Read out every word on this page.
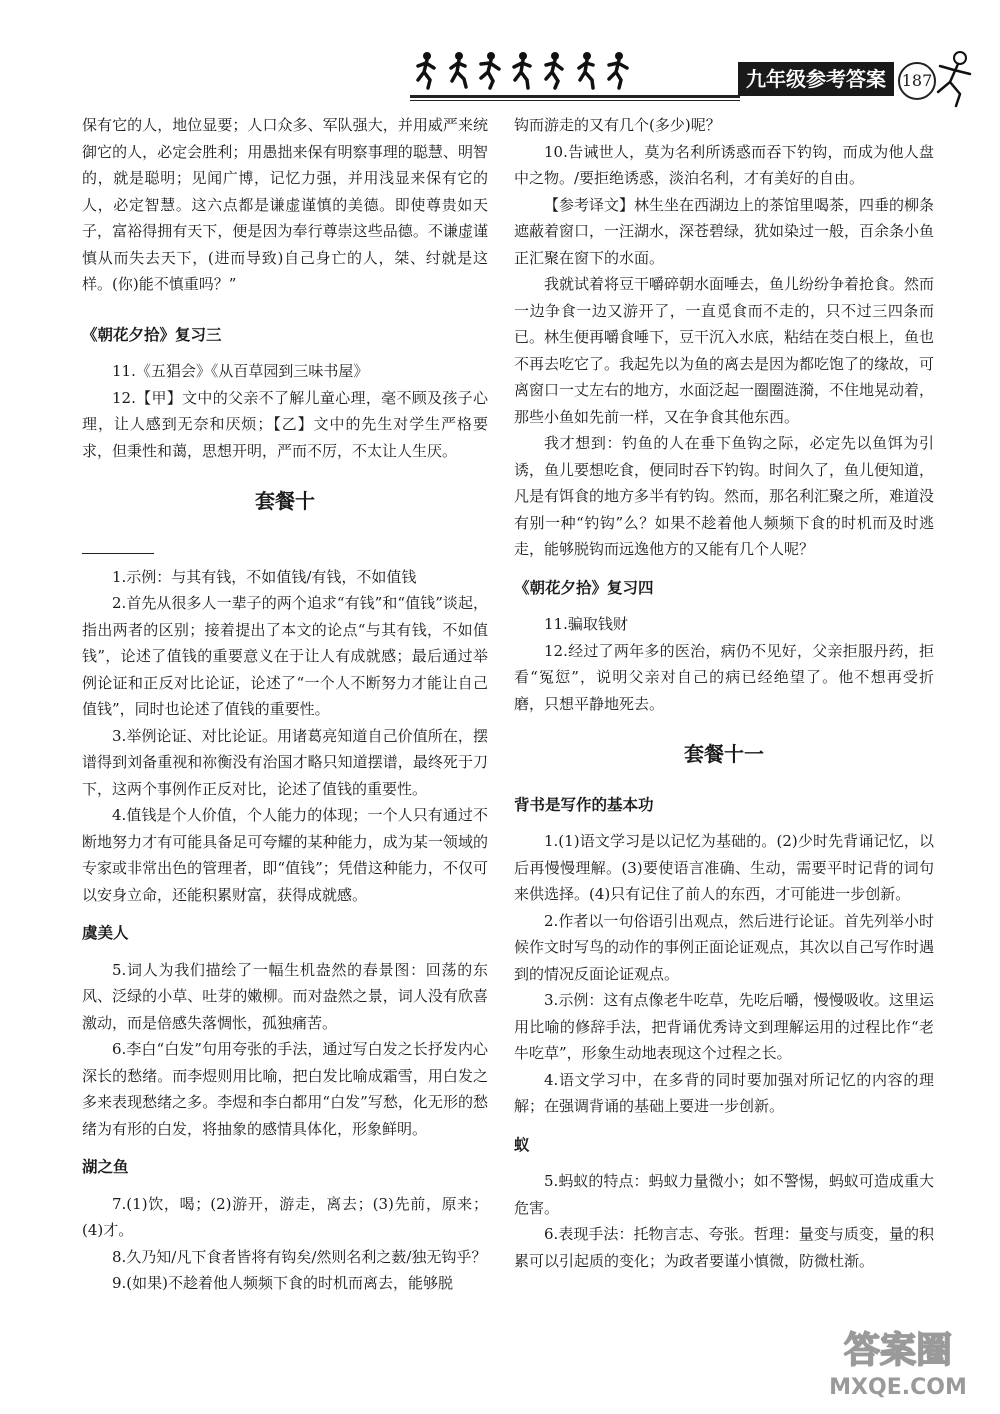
九年级参考答案 187

保有它的人，地位显要；人口众多、军队强大，并用威严来统御它的人，必定会胜利；用愚拙来保有明察事理的聪慧、明智的，就是聪明；见闻广博，记忆力强，并用浅显来保有它的人，必定智慧。这六点都是谦虚谨慎的美德。即使尊贵如天子，富裕得拥有天下，便是因为奉行尊崇这些品德。不谦虚谨慎从而失去天下，(进而导致)自己身亡的人，桀、纣就是这样。(你)能不慎重吗？”

《朝花夕拾》复习三

11.《五猖会》《从百草园到三味书屋》

12.【甲】文中的父亲不了解儿童心理，毫不顾及孩子心理，让人感到无奈和厌烦；【乙】文中的先生对学生严格要求，但秉性和蔼，思想开明，严而不厉，不太让人生厌。

套餐十

1.示例：与其有钱，不如值钱/有钱，不如值钱

2.首先从很多人一辈子的两个追求“有钱”和“值钱”谈起，指出两者的区别；接着提出了本文的论点“与其有钱，不如值钱”，论述了值钱的重要意义在于让人有成就感；最后通过举例论证和正反对比论证，论述了“一个人不断努力才能让自己值钱”，同时也论述了值钱的重要性。

3.举例论证、对比论证。用诸葛亮知道自己价值所在，摆谱得到刘备重视和祢衡没有治国才略只知道摆谱，最终死于刀下，这两个事例作正反对比，论述了值钱的重要性。

4.值钱是个人价值，个人能力的体现；一个人只有通过不断地努力才有可能具备足可夸耀的某种能力，成为某一领域的专家或非常出色的管理者，即“值钱”；凭借这种能力，不仅可以安身立命，还能积累财富，获得成就感。

虞美人

5.词人为我们描绘了一幅生机盎然的春景图：回荡的东风、泛绿的小草、吐芽的嫩柳。而对盎然之景，词人没有欣喜激动，而是倍感失落惆怅，孤独痛苦。

6.李白“白发”句用夸张的手法，通过写白发之长抒发内心深长的愁绪。而李煜则用比喻，把白发比喻成霜雪，用白发之多来表现愁绪之多。李煜和李白都用“白发”写愁，化无形的愁绪为有形的白发，将抽象的感情具体化，形象鲜明。

湖之鱼

7.(1)饮，喝；(2)游开，游走，离去；(3)先前，原来；(4)才。

8.久乃知/凡下食者皆将有钩矣/然则名利之薮/独无钩乎？

9.(如果)不趁着他人频频下食的时机而离去，能够脱

钩而游走的又有几个(多少)呢？

10.告诫世人，莫为名利所诱惑而吞下钓钩，而成为他人盘中之物。/要拒绝诱惑，淡泊名利，才有美好的自由。

【参考译文】林生坐在西湖边上的茶馆里喝茶，四垂的柳条遮蔽着窗口，一汪湖水，深苍碧绿，犹如染过一般，百余条小鱼正汇聚在窗下的水面。

我就试着将豆干嚼碎朝水面唾去，鱼儿纷纷争着抢食。然而一边争食一边又游开了，一直觅食而不走的，只不过三四条而已。林生便再嚼食唾下，豆干沉入水底，粘结在茭白根上，鱼也不再去吃它了。我起先以为鱼的离去是因为都吃饱了的缘故，可离窗口一丈左右的地方，水面泛起一圈圈涟漪，不住地晃动着，那些小鱼如先前一样，又在争食其他东西。

我才想到：钓鱼的人在垂下鱼钩之际，必定先以鱼饵为引诱，鱼儿要想吃食，便同时吞下钓钩。时间久了，鱼儿便知道，凡是有饵食的地方多半有钓钩。然而，那名利汇聚之所，难道没有别一种“钓钩”么？如果不趁着他人频频下食的时机而及时逃走，能够脱钩而远逸他方的又能有几个人呢？

《朝花夕拾》复习四

11.骗取钱财

12.经过了两年多的医治，病仍不见好，父亲拒服丹药，拒看“冤愆”，说明父亲对自己的病已经绝望了。他不想再受折磨，只想平静地死去。

套餐十一
背书是写作的基本功

1.(1)语文学习是以记忆为基础的。(2)少时先背诵记忆，以后再慢慢理解。(3)要使语言准确、生动，需要平时记背的词句来供选择。(4)只有记住了前人的东西，才可能进一步创新。

2.作者以一句俗语引出观点，然后进行论证。首先列举小时候作文时写鸟的动作的事例正面论证观点，其次以自己写作时遇到的情况反面论证观点。

3.示例：这有点像老牛吃草，先吃后嚼，慢慢吸收。这里运用比喻的修辞手法，把背诵优秀诗文到理解运用的过程比作“老牛吃草”，形象生动地表现这个过程之长。

4.语文学习中，在多背的同时要加强对所记忆的内容的理解；在强调背诵的基础上要进一步创新。

蚁

5.蚂蚁的特点：蚂蚁力量微小；如不警惕，蚂蚁可造成重大危害。

6.表现手法：托物言志、夸张。哲理：量变与质变，量的积累可以引起质的变化；为政者要谨小慎微，防微杜渐。

答案圈
MXQE.COM
